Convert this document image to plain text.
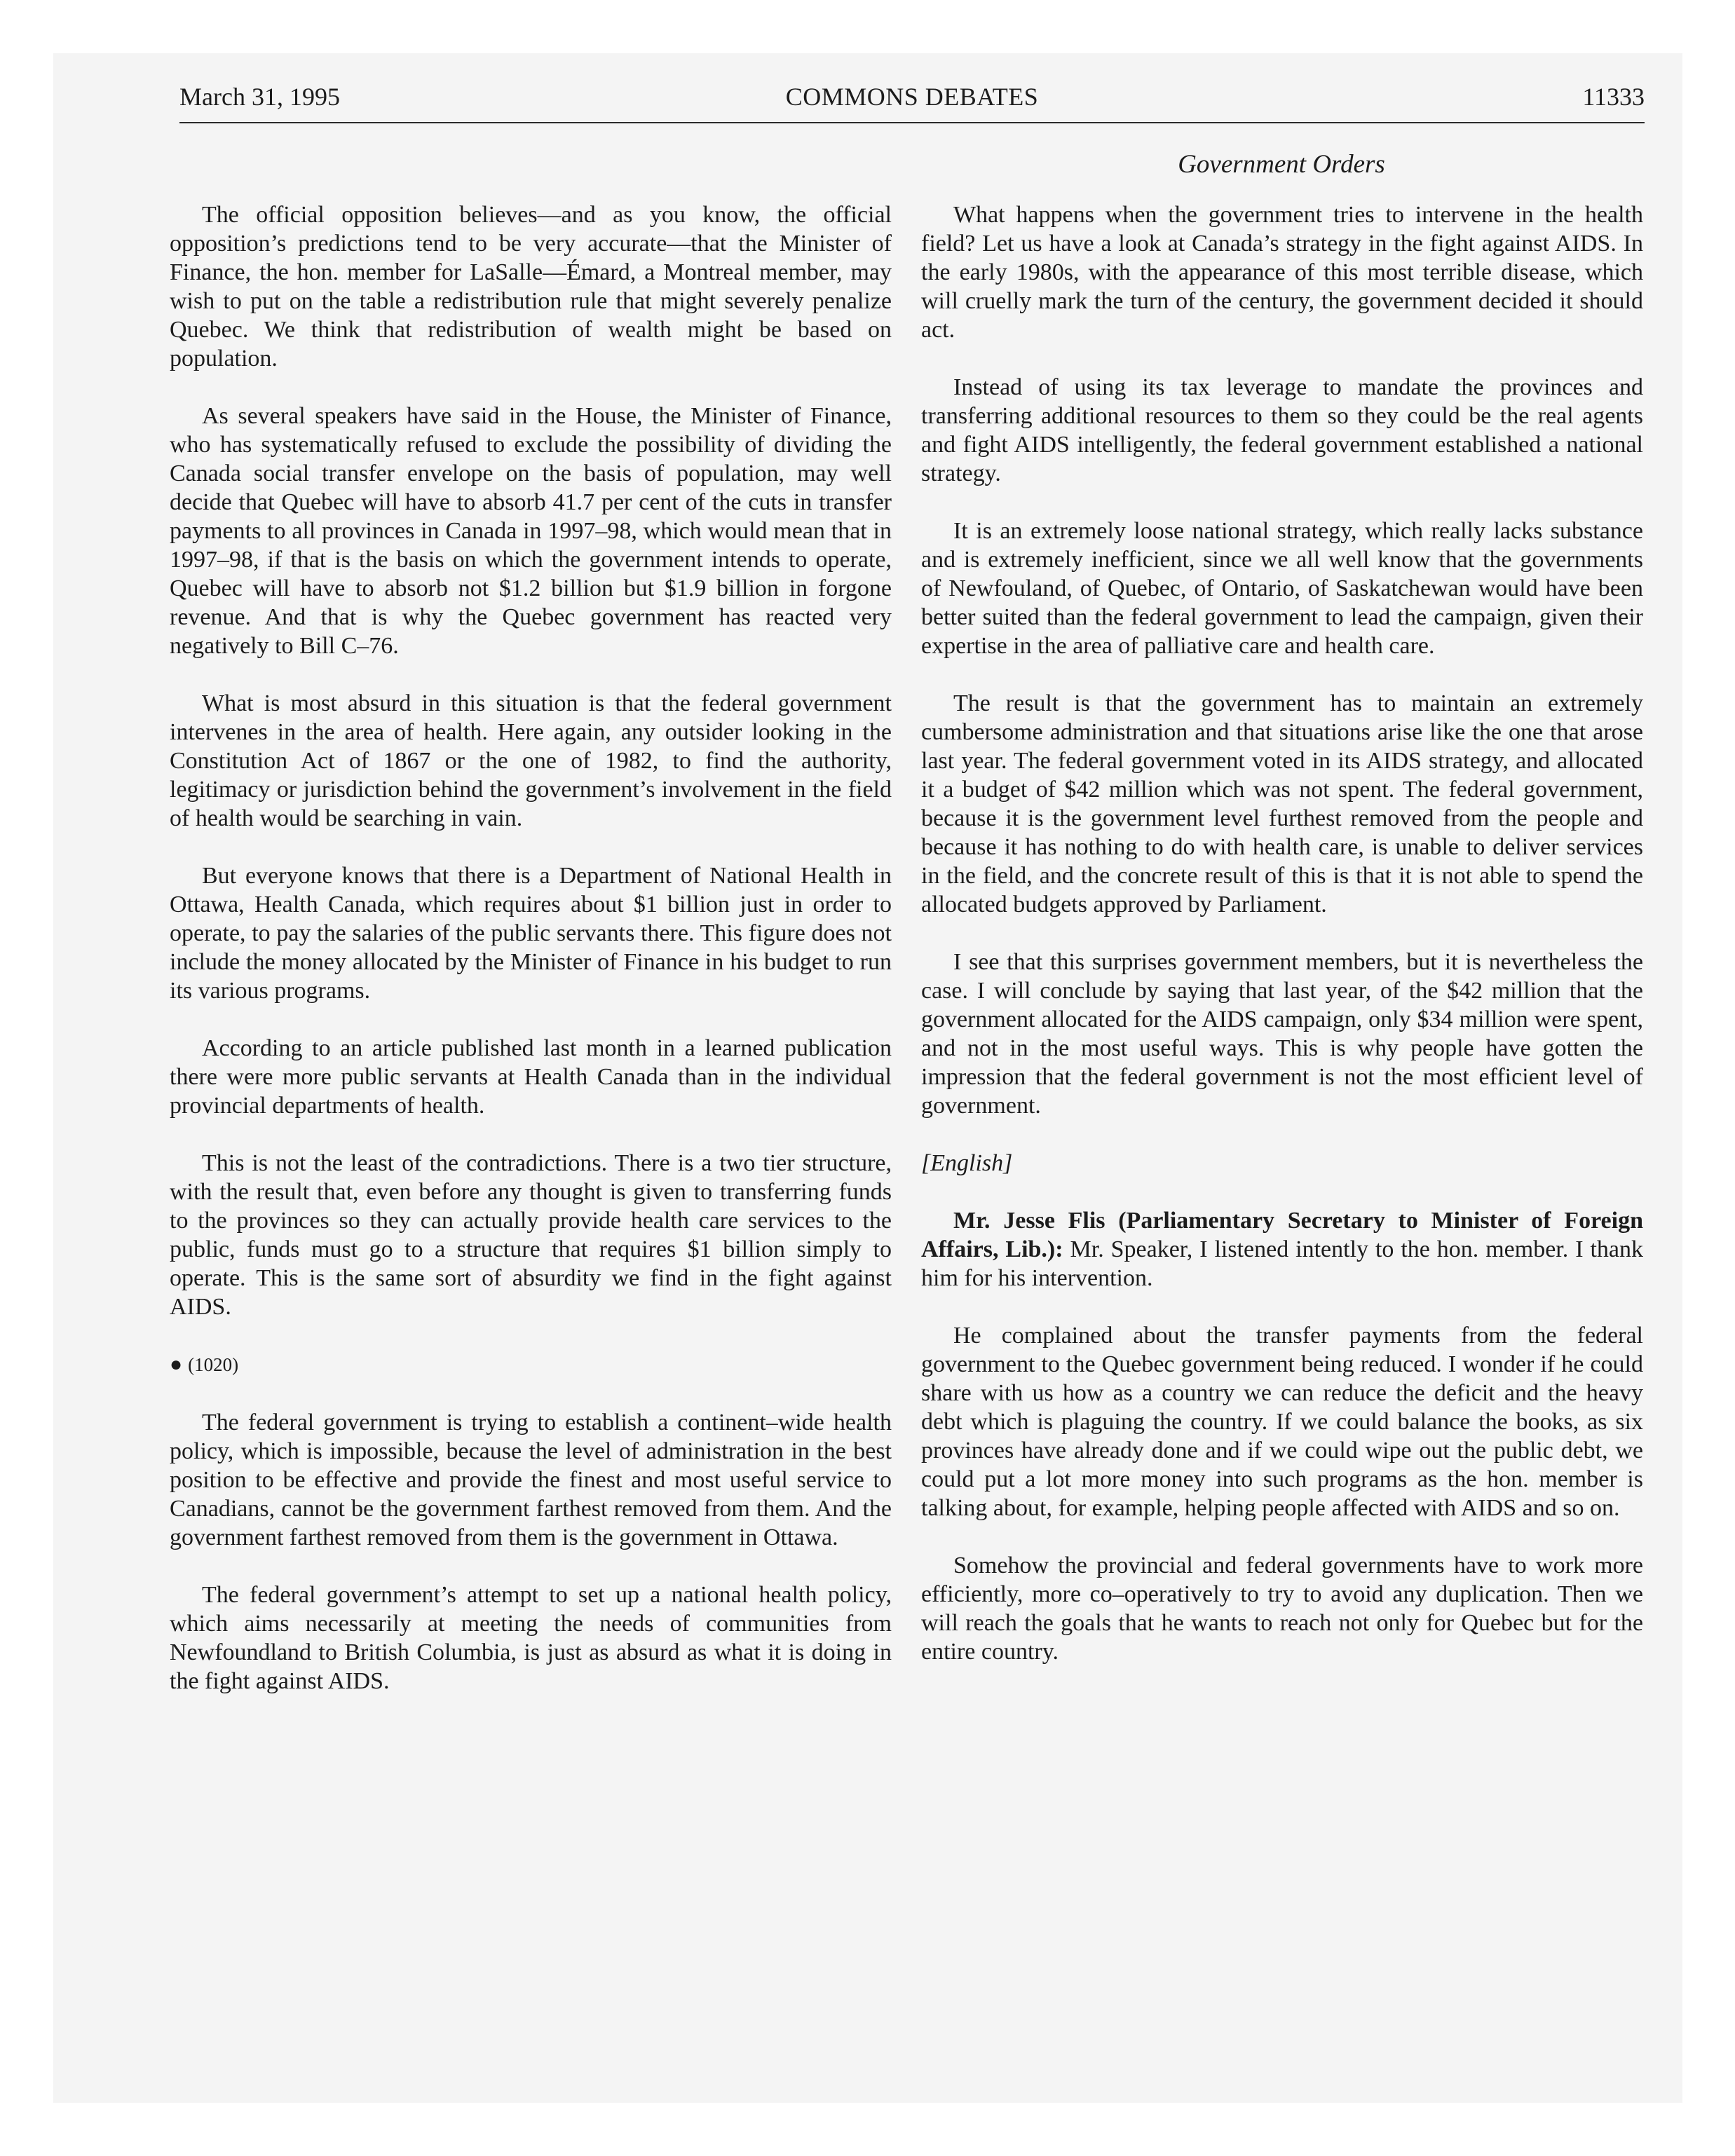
March 31, 1995	COMMONS DEBATES	11333
Government Orders

The official opposition believes—and as you know, the official opposition’s predictions tend to be very accurate—that the Minister of Finance, the hon. member for LaSalle—Émard, a Montreal member, may wish to put on the table a redistribution rule that might severely penalize Quebec. We think that redistribution of wealth might be based on population.

As several speakers have said in the House, the Minister of Finance, who has systematically refused to exclude the possibility of dividing the Canada social transfer envelope on the basis of population, may well decide that Quebec will have to absorb 41.7 per cent of the cuts in transfer payments to all provinces in Canada in 1997–98, which would mean that in 1997–98, if that is the basis on which the government intends to operate, Quebec will have to absorb not $1.2 billion but $1.9 billion in forgone revenue. And that is why the Quebec government has reacted very negatively to Bill C–76.

What is most absurd in this situation is that the federal government intervenes in the area of health. Here again, any outsider looking in the Constitution Act of 1867 or the one of 1982, to find the authority, legitimacy or jurisdiction behind the government’s involvement in the field of health would be searching in vain.

But everyone knows that there is a Department of National Health in Ottawa, Health Canada, which requires about $1 billion just in order to operate, to pay the salaries of the public servants there. This figure does not include the money allocated by the Minister of Finance in his budget to run its various programs.

According to an article published last month in a learned publication there were more public servants at Health Canada than in the individual provincial departments of health.

This is not the least of the contradictions. There is a two tier structure, with the result that, even before any thought is given to transferring funds to the provinces so they can actually provide health care services to the public, funds must go to a structure that requires $1 billion simply to operate. This is the same sort of absurdity we find in the fight against AIDS.

● (1020)

The federal government is trying to establish a continent–wide health policy, which is impossible, because the level of administration in the best position to be effective and provide the finest and most useful service to Canadians, cannot be the government farthest removed from them. And the government farthest removed from them is the government in Ottawa.

The federal government’s attempt to set up a national health policy, which aims necessarily at meeting the needs of communities from Newfoundland to British Columbia, is just as absurd as what it is doing in the fight against AIDS.

What happens when the government tries to intervene in the health field? Let us have a look at Canada’s strategy in the fight against AIDS. In the early 1980s, with the appearance of this most terrible disease, which will cruelly mark the turn of the century, the government decided it should act.

Instead of using its tax leverage to mandate the provinces and transferring additional resources to them so they could be the real agents and fight AIDS intelligently, the federal government established a national strategy.

It is an extremely loose national strategy, which really lacks substance and is extremely inefficient, since we all well know that the governments of Newfouland, of Quebec, of Ontario, of Saskatchewan would have been better suited than the federal government to lead the campaign, given their expertise in the area of palliative care and health care.

The result is that the government has to maintain an extremely cumbersome administration and that situations arise like the one that arose last year. The federal government voted in its AIDS strategy, and allocated it a budget of $42 million which was not spent. The federal government, because it is the government level furthest removed from the people and because it has nothing to do with health care, is unable to deliver services in the field, and the concrete result of this is that it is not able to spend the allocated budgets approved by Parliament.

I see that this surprises government members, but it is nevertheless the case. I will conclude by saying that last year, of the $42 million that the government allocated for the AIDS campaign, only $34 million were spent, and not in the most useful ways. This is why people have gotten the impression that the federal government is not the most efficient level of government.

[English]

Mr. Jesse Flis (Parliamentary Secretary to Minister of Foreign Affairs, Lib.): Mr. Speaker, I listened intently to the hon. member. I thank him for his intervention.

He complained about the transfer payments from the federal government to the Quebec government being reduced. I wonder if he could share with us how as a country we can reduce the deficit and the heavy debt which is plaguing the country. If we could balance the books, as six provinces have already done and if we could wipe out the public debt, we could put a lot more money into such programs as the hon. member is talking about, for example, helping people affected with AIDS and so on.

Somehow the provincial and federal governments have to work more efficiently, more co–operatively to try to avoid any duplication. Then we will reach the goals that he wants to reach not only for Quebec but for the entire country.
